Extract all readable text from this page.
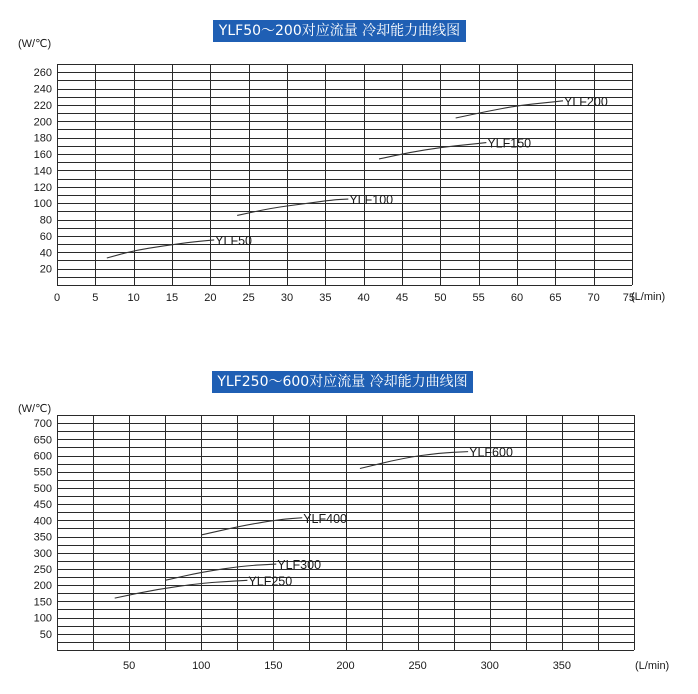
YLF50～200对应流量 冷却能力曲线图
YLF250～600对应流量 冷却能力曲线图
(W/℃)
(L/min)
20
40
60
80
100
120
140
160
180
200
220
240
260
0	5	10 15 20 25 30 35 40 45 50 55 60 65 70 75
YLF50
YLF100
YLF150
YLF200
(W/℃)
(L/min)
50
100
150
200
250
300
350
400
450
500
550
600
650
700
50	100	150	200	250	300	350
YLF250
YLF300
YLF400
YLF600
